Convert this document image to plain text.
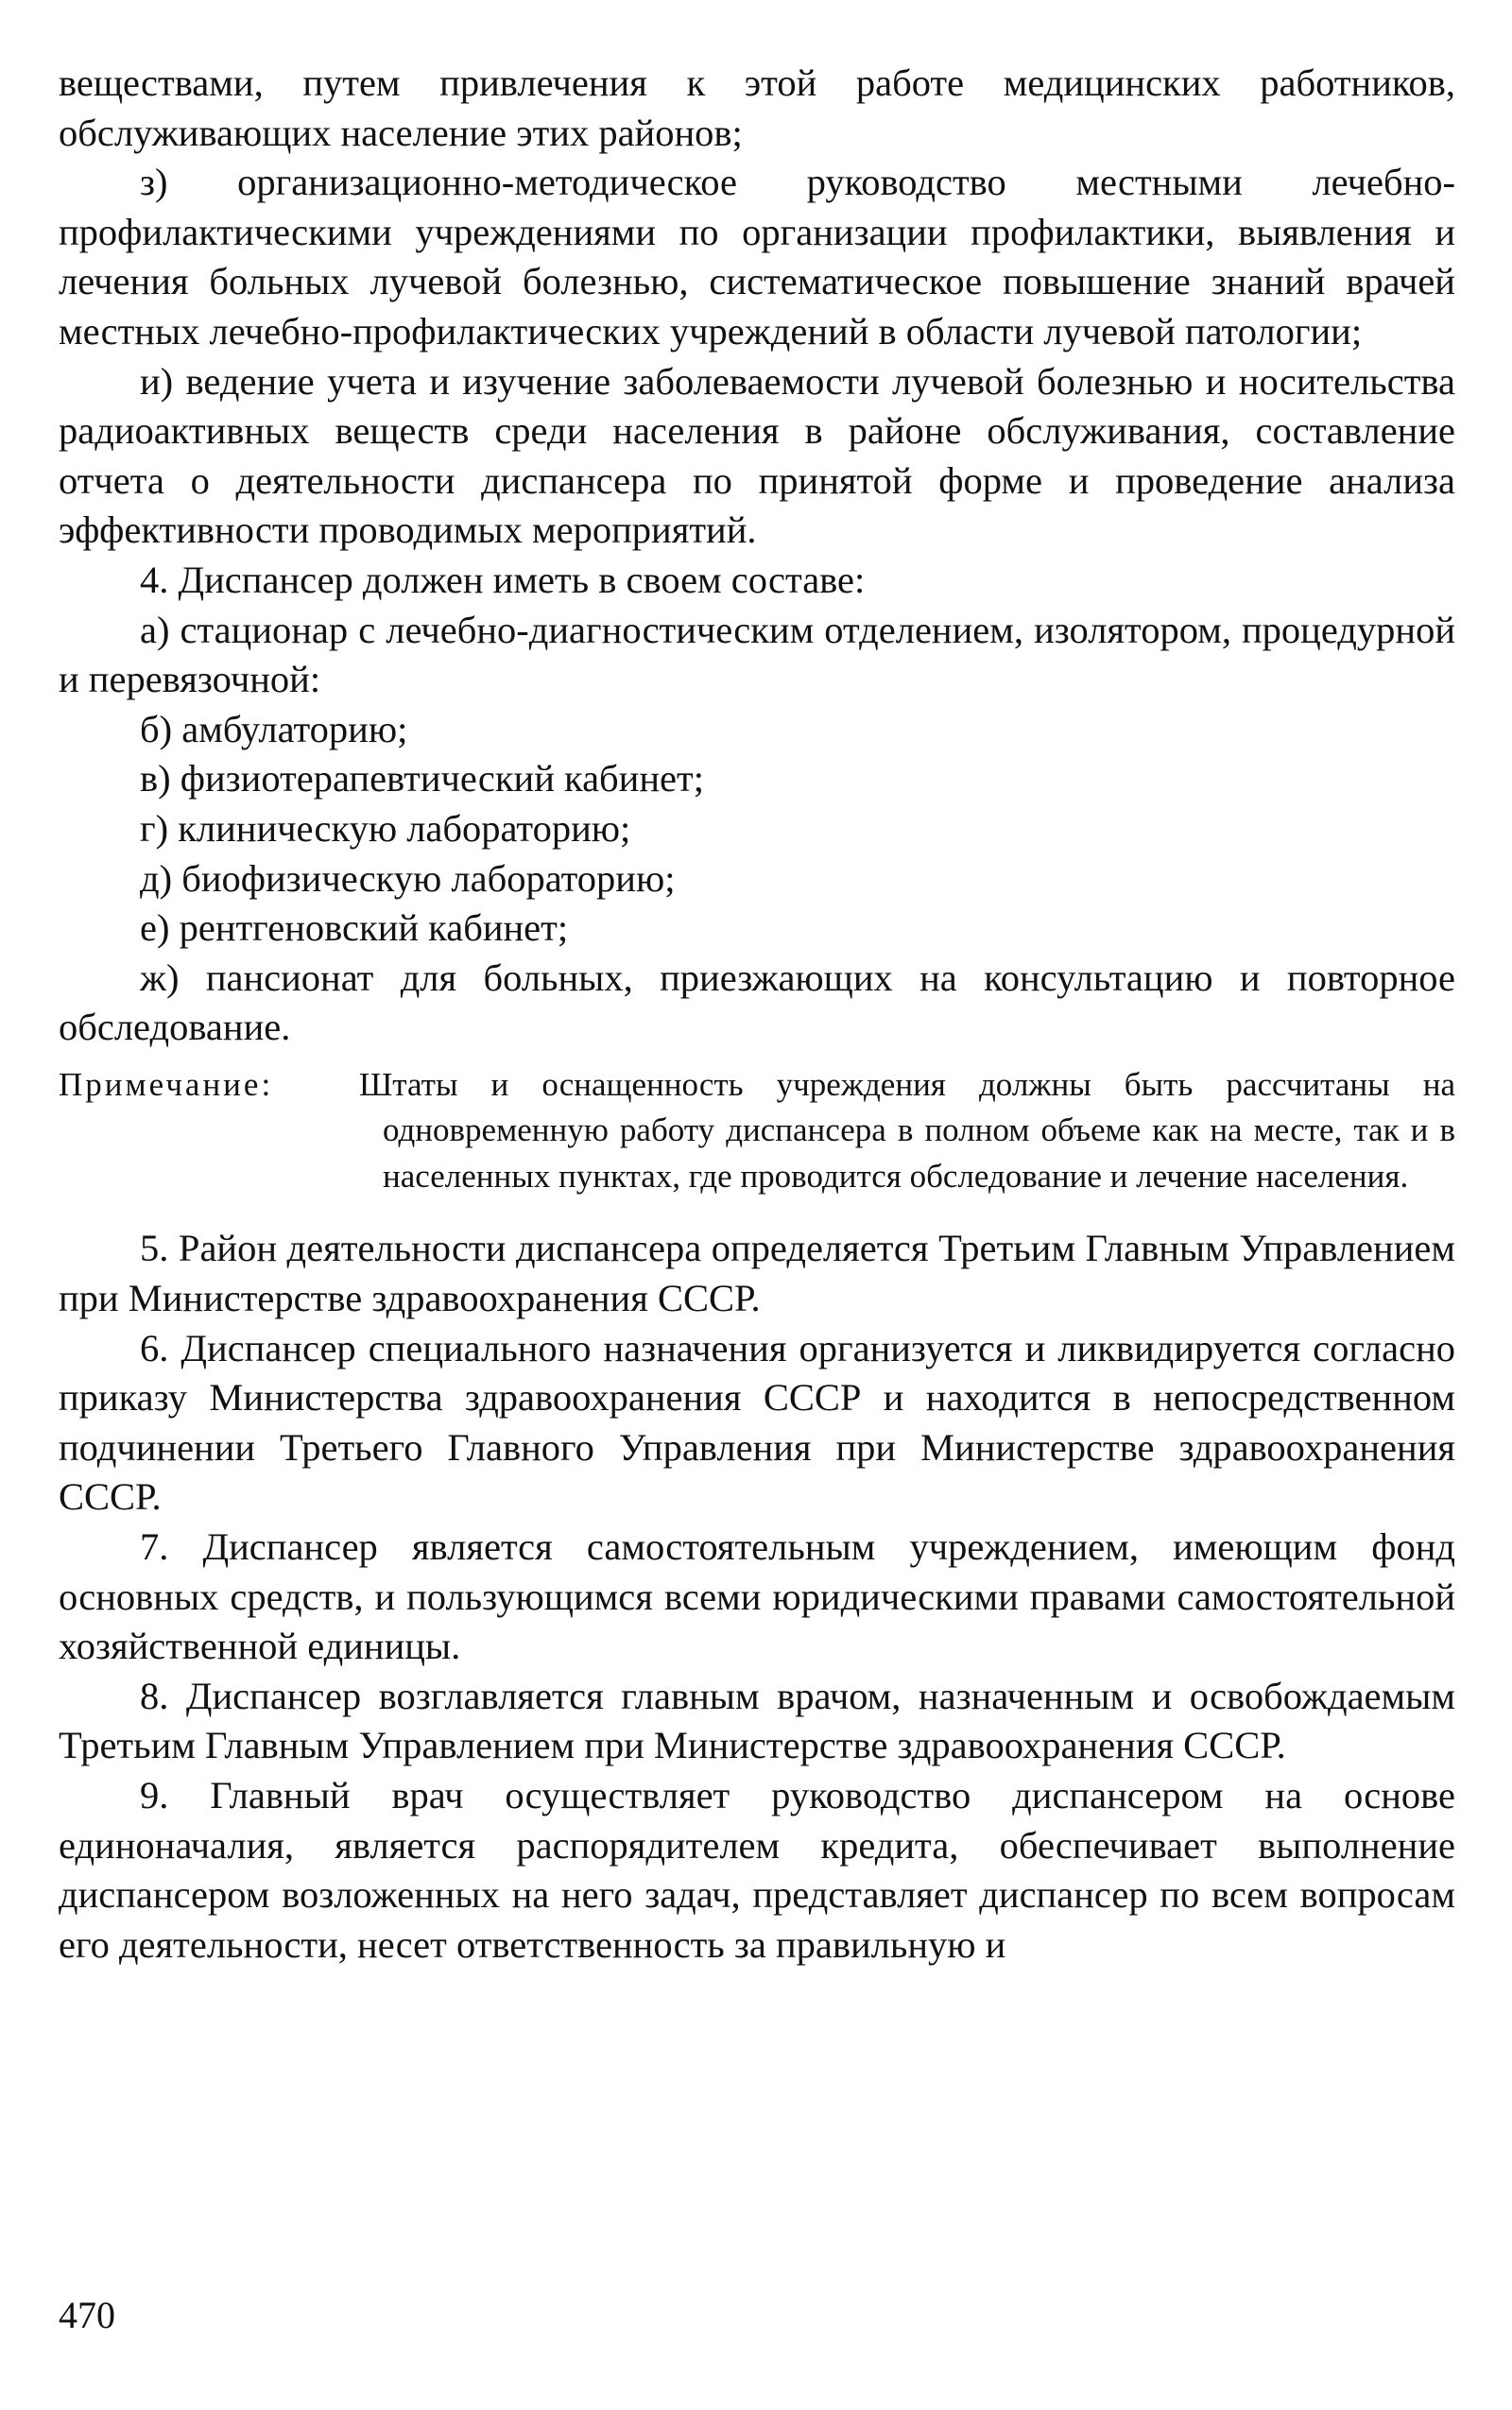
веществами, путем привлечения к этой работе медицинских работников, обслуживающих население этих районов;

з) организационно-методическое руководство местными лечебно-профилактическими учреждениями по организации профилактики, выявления и лечения больных лучевой болезнью, систематическое повышение знаний врачей местных лечебно-профилактических учреждений в области лучевой патологии;

и) ведение учета и изучение заболеваемости лучевой болезнью и носительства радиоактивных веществ среди населения в районе обслуживания, составление отчета о деятельности диспансера по принятой форме и проведение анализа эффективности проводимых мероприятий.

4. Диспансер должен иметь в своем составе:

а) стационар с лечебно-диагностическим отделением, изолятором, процедурной и перевязочной:

б) амбулаторию;

в) физиотерапевтический кабинет;

г) клиническую лабораторию;

д) биофизическую лабораторию;

е) рентгеновский кабинет;

ж) пансионат для больных, приезжающих на консультацию и повторное обследование.

Примечание:	Штаты и оснащенность учреждения должны быть рассчитаны на одновременную работу диспансера в полном объеме как на месте, так и в населенных пунктах, где проводится обследование и лечение населения.

5. Район деятельности диспансера определяется Третьим Главным Управлением при Министерстве здравоохранения СССР.

6. Диспансер специального назначения организуется и ликвидируется согласно приказу Министерства здравоохранения СССР и находится в непосредственном подчинении Третьего Главного Управления при Министерстве здравоохранения СССР.

7. Диспансер является самостоятельным учреждением, имеющим фонд основных средств, и пользующимся всеми юридическими правами самостоятельной хозяйственной единицы.

8. Диспансер возглавляется главным врачом, назначенным и освобождаемым Третьим Главным Управлением при Министерстве здравоохранения СССР.

9. Главный врач осуществляет руководство диспансером на основе единоначалия, является распорядителем кредита, обеспечивает выполнение диспансером возложенных на него задач, представляет диспансер по всем вопросам его деятельности, несет ответственность за правильную и

470
